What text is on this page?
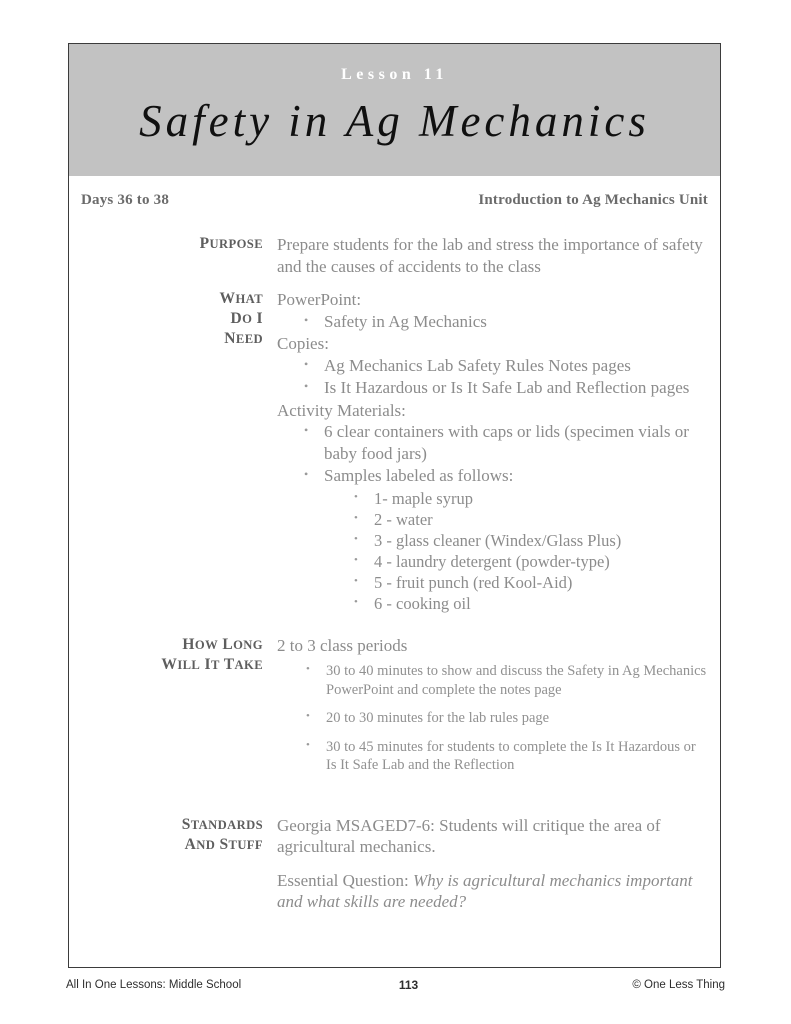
Lesson 11
Safety in Ag Mechanics
Days 36 to 38	Introduction to Ag Mechanics Unit
PURPOSE Prepare students for the lab and stress the importance of safety and the causes of accidents to the class

WHAT
DO I
NEED

PowerPoint:

• Safety in Ag Mechanics

Copies:

• Ag Mechanics Lab Safety Rules Notes pages
• Is It Hazardous or Is It Safe Lab and Reflection pages

Activity Materials:

• 6 clear containers with caps or lids (specimen vials or baby food jars)
• Samples labeled as follows:
• 1- maple syrup
• 2 - water
• 3 - glass cleaner (Windex/Glass Plus)
• 4 - laundry detergent (powder-type)
• 5 - fruit punch (red Kool-Aid)
• 6 - cooking oil
HOW LONG
WILL IT TAKE

2 to 3 class periods

• 30 to 40 minutes to show and discuss the Safety in Ag Mechanics PowerPoint and complete the notes page
• 20 to 30 minutes for the lab rules page
• 30 to 45 minutes for students to complete the Is It Hazardous or Is It Safe Lab and the Reflection
STANDARDS
AND STUFF

Georgia MSAGED7-6: Students will critique the area of agricultural mechanics.

Essential Question: Why is agricultural mechanics important and what skills are needed?

All In One Lessons: Middle School	113	© One Less Thing
